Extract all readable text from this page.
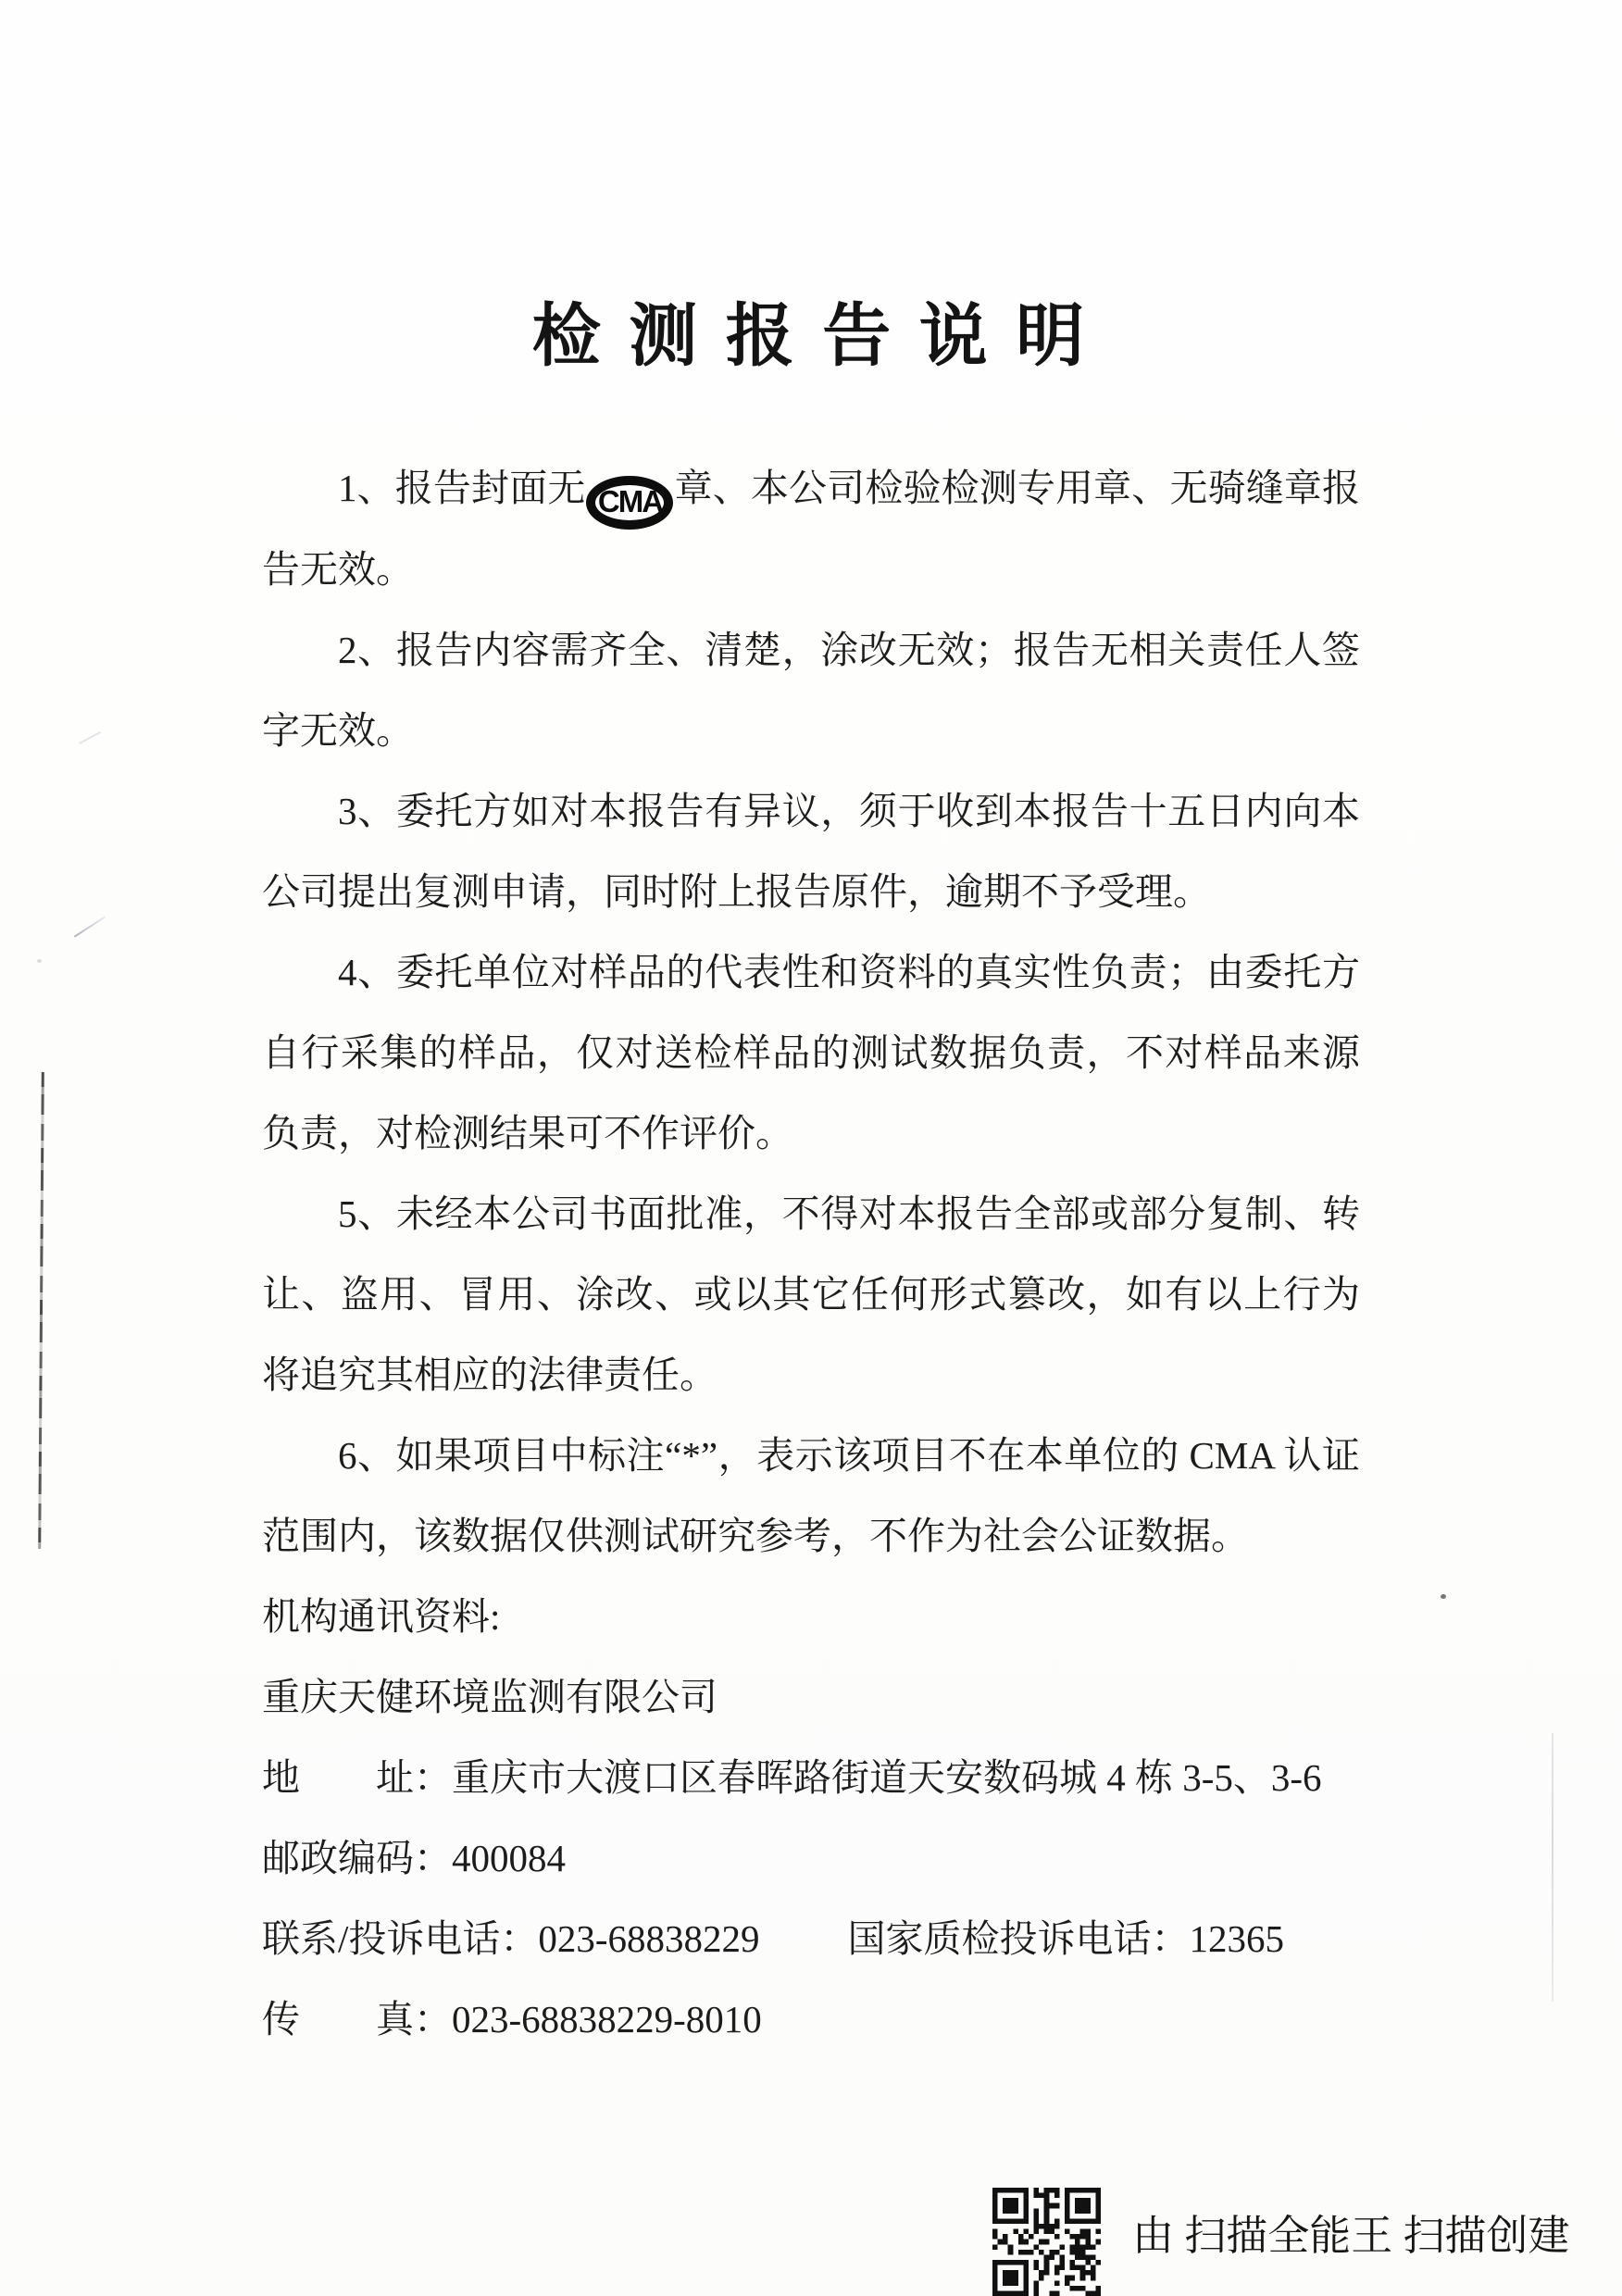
检 测 报 告 说 明

1、报告封面无 CMA 章、本公司检验检测专用章、无骑缝章报告无效。

2、报告内容需齐全、清楚，涂改无效；报告无相关责任人签字无效。

3、委托方如对本报告有异议，须于收到本报告十五日内向本公司提出复测申请，同时附上报告原件，逾期不予受理。

4、委托单位对样品的代表性和资料的真实性负责；由委托方自行采集的样品，仅对送检样品的测试数据负责，不对样品来源负责，对检测结果可不作评价。

5、未经本公司书面批准，不得对本报告全部或部分复制、转让、盗用、冒用、涂改、或以其它任何形式篡改，如有以上行为将追究其相应的法律责任。

6、如果项目中标注“*”，表示该项目不在本单位的 CMA 认证范围内，该数据仅供测试研究参考，不作为社会公证数据。

机构通讯资料:

重庆天健环境监测有限公司

地　　址：重庆市大渡口区春晖路街道天安数码城 4 栋 3-5、3-6

邮政编码：400084

联系/投诉电话：023-68838229 国家质检投诉电话：12365

传　　真：023-68838229-8010

由 扫描全能王 扫描创建
